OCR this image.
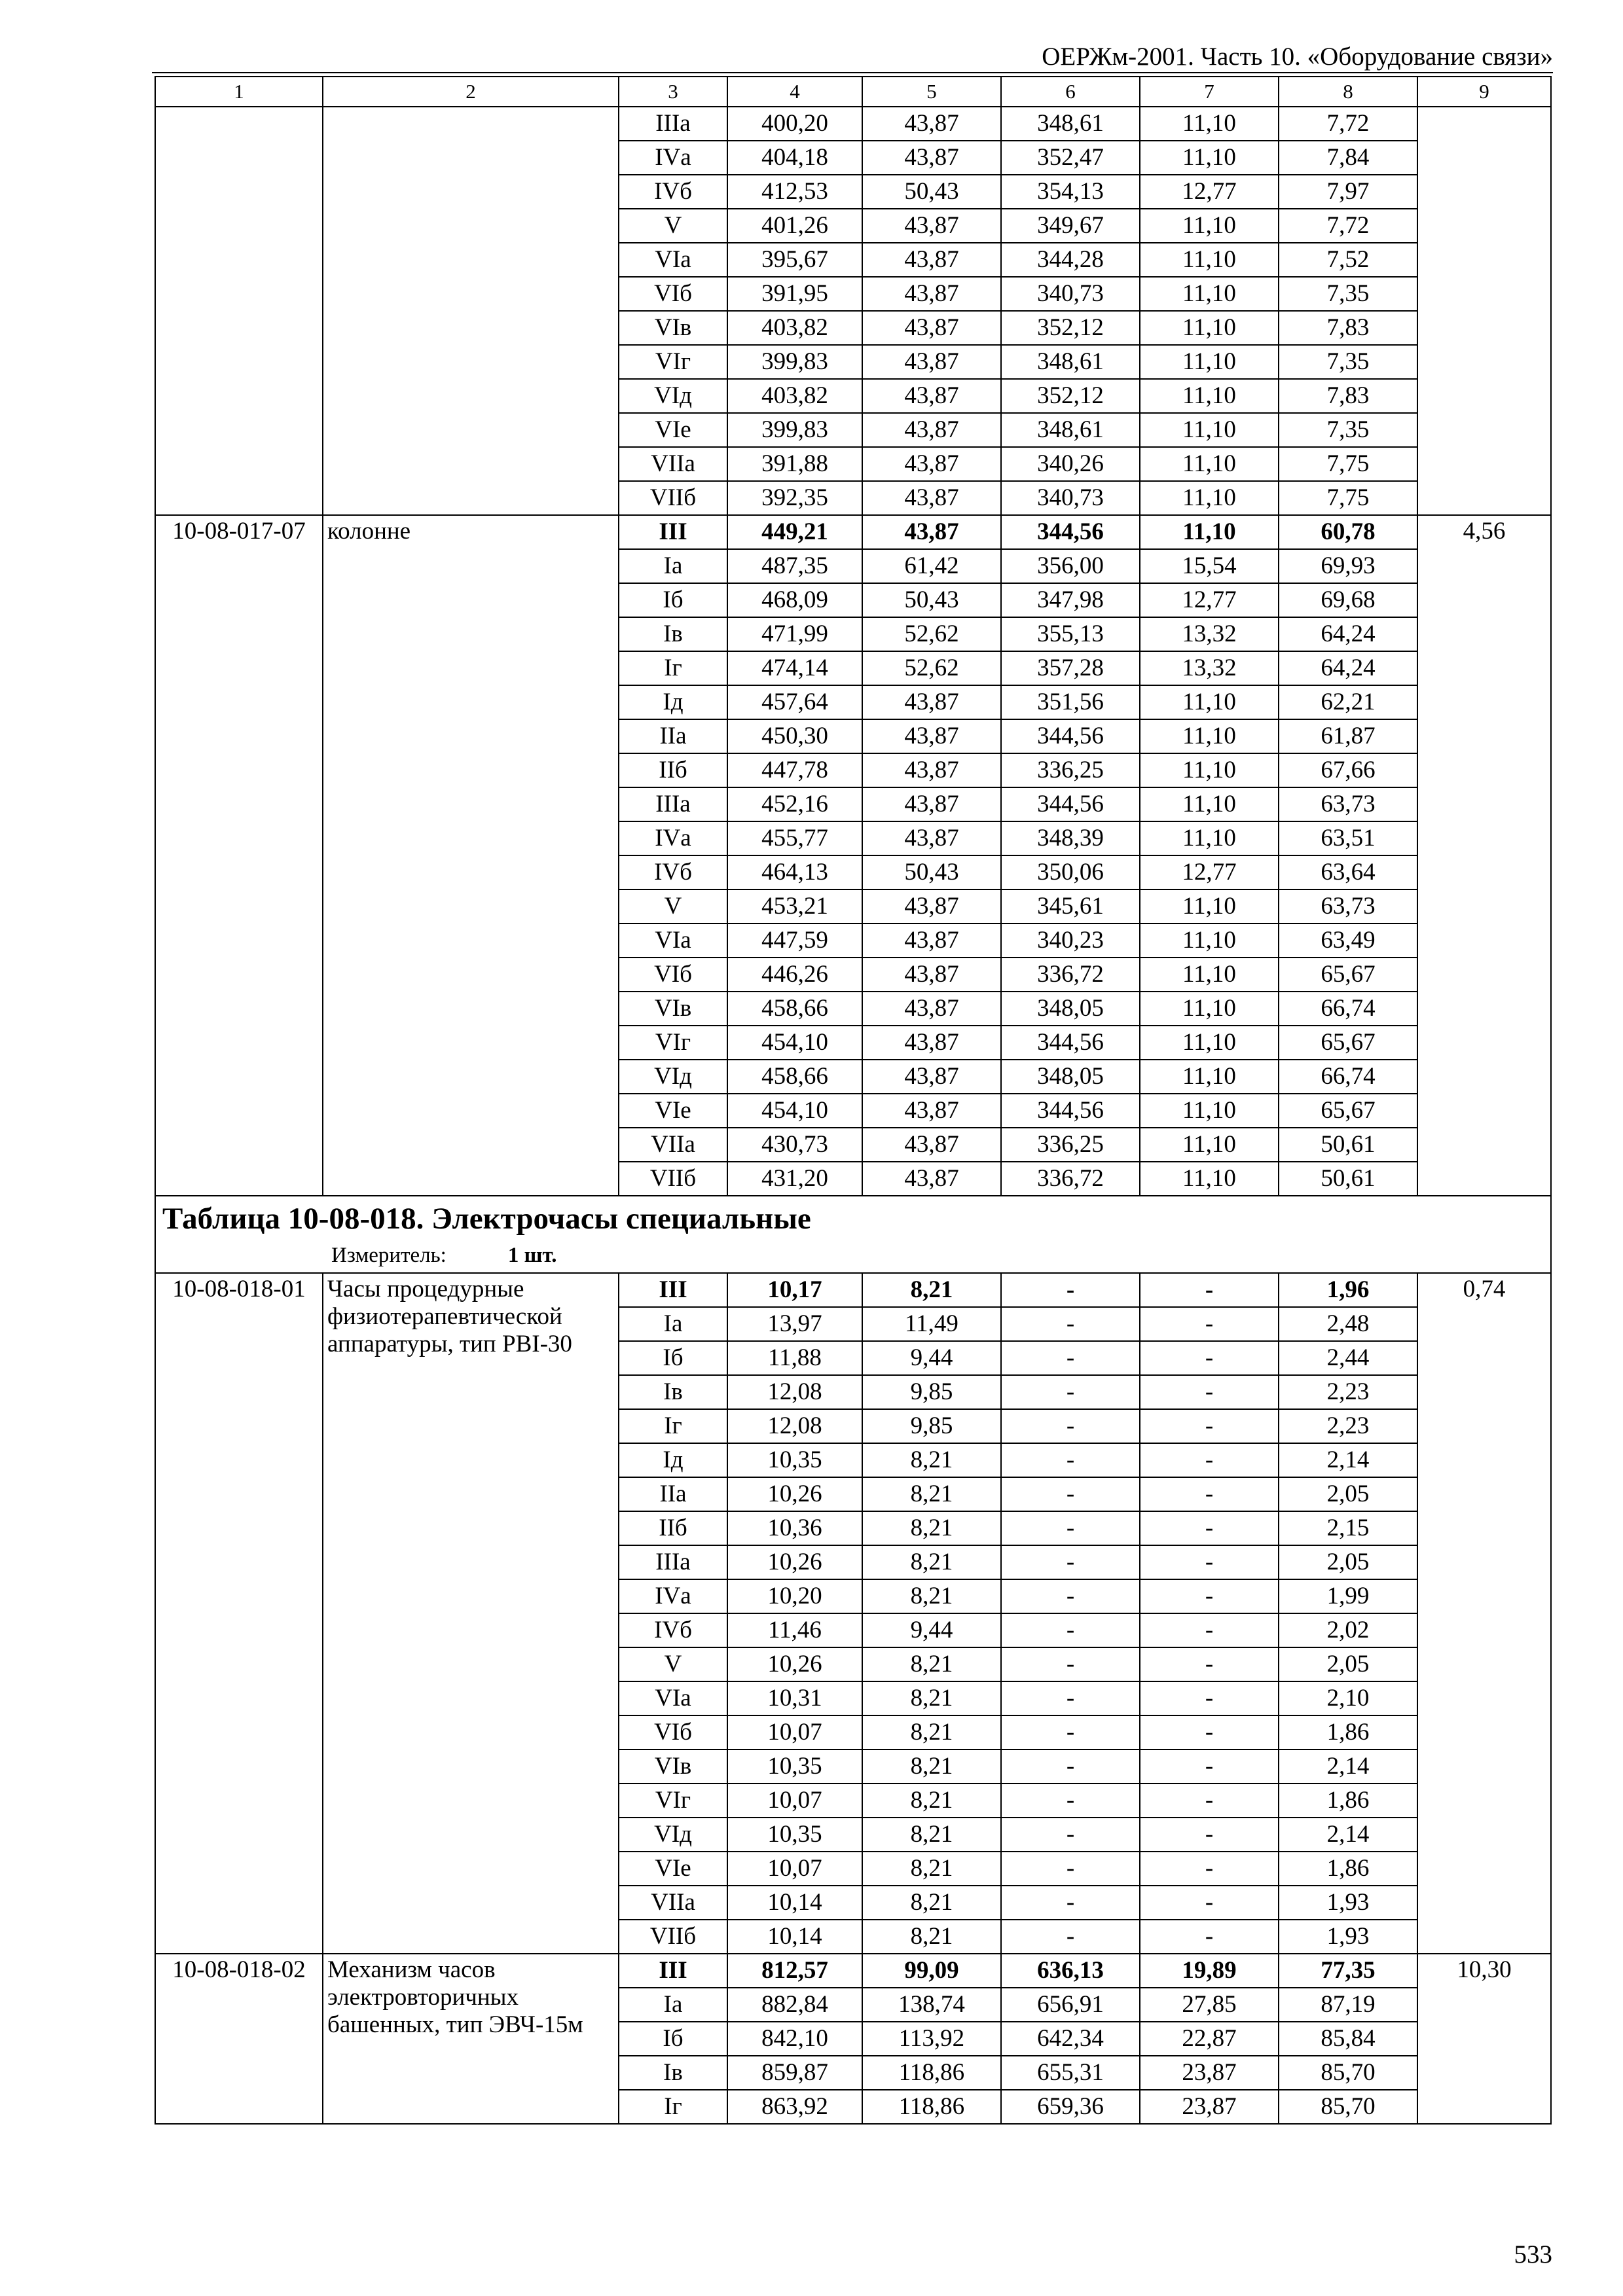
ОЕРЖм-2001. Часть 10. «Оборудование связи»
1	2	3	4	5	6	7	8	9
		IIIа	400,20	43,87	348,61	11,10	7,72	
		IVа	404,18	43,87	352,47	11,10	7,84	
		IVб	412,53	50,43	354,13	12,77	7,97	
		V	401,26	43,87	349,67	11,10	7,72	
		VIа	395,67	43,87	344,28	11,10	7,52	
		VIб	391,95	43,87	340,73	11,10	7,35	
		VIв	403,82	43,87	352,12	11,10	7,83	
		VIг	399,83	43,87	348,61	11,10	7,35	
		VIд	403,82	43,87	352,12	11,10	7,83	
		VIе	399,83	43,87	348,61	11,10	7,35	
		VIIа	391,88	43,87	340,26	11,10	7,75	
		VIIб	392,35	43,87	340,73	11,10	7,75	
10-08-017-07	колонне	III	449,21	43,87	344,56	11,10	60,78	4,56
		Iа	487,35	61,42	356,00	15,54	69,93	
		Iб	468,09	50,43	347,98	12,77	69,68	
		Iв	471,99	52,62	355,13	13,32	64,24	
		Iг	474,14	52,62	357,28	13,32	64,24	
		Iд	457,64	43,87	351,56	11,10	62,21	
		IIа	450,30	43,87	344,56	11,10	61,87	
		IIб	447,78	43,87	336,25	11,10	67,66	
		IIIа	452,16	43,87	344,56	11,10	63,73	
		IVа	455,77	43,87	348,39	11,10	63,51	
		IVб	464,13	50,43	350,06	12,77	63,64	
		V	453,21	43,87	345,61	11,10	63,73	
		VIа	447,59	43,87	340,23	11,10	63,49	
		VIб	446,26	43,87	336,72	11,10	65,67	
		VIв	458,66	43,87	348,05	11,10	66,74	
		VIг	454,10	43,87	344,56	11,10	65,67	
		VIд	458,66	43,87	348,05	11,10	66,74	
		VIе	454,10	43,87	344,56	11,10	65,67	
		VIIа	430,73	43,87	336,25	11,10	50,61	
		VIIб	431,20	43,87	336,72	11,10	50,61	

Таблица 10-08-018. Электрочасы специальные
Измеритель: 1 шт.								

10-08-018-01	Часы процедурные физиотерапевтической аппаратуры, тип РВI-30	III	10,17	8,21	-	-	1,96	0,74
		Iа	13,97	11,49	-	-	2,48	
		Iб	11,88	9,44	-	-	2,44	
		Iв	12,08	9,85	-	-	2,23	
		Iг	12,08	9,85	-	-	2,23	
		Iд	10,35	8,21	-	-	2,14	
		IIа	10,26	8,21	-	-	2,05	
		IIб	10,36	8,21	-	-	2,15	
		IIIа	10,26	8,21	-	-	2,05	
		IVа	10,20	8,21	-	-	1,99	
		IVб	11,46	9,44	-	-	2,02	
		V	10,26	8,21	-	-	2,05	
		VIа	10,31	8,21	-	-	2,10	
		VIб	10,07	8,21	-	-	1,86	
		VIв	10,35	8,21	-	-	2,14	
		VIг	10,07	8,21	-	-	1,86	
		VIд	10,35	8,21	-	-	2,14	
		VIе	10,07	8,21	-	-	1,86	
		VIIа	10,14	8,21	-	-	1,93	
		VIIб	10,14	8,21	-	-	1,93	
10-08-018-02	Механизм часов электровторичных башенных, тип ЭВЧ-15м	III	812,57	99,09	636,13	19,89	77,35	10,30
		Iа	882,84	138,74	656,91	27,85	87,19	
		Iб	842,10	113,92	642,34	22,87	85,84	
		Iв	859,87	118,86	655,31	23,87	85,70	
		Iг	863,92	118,86	659,36	23,87	85,70	
533
